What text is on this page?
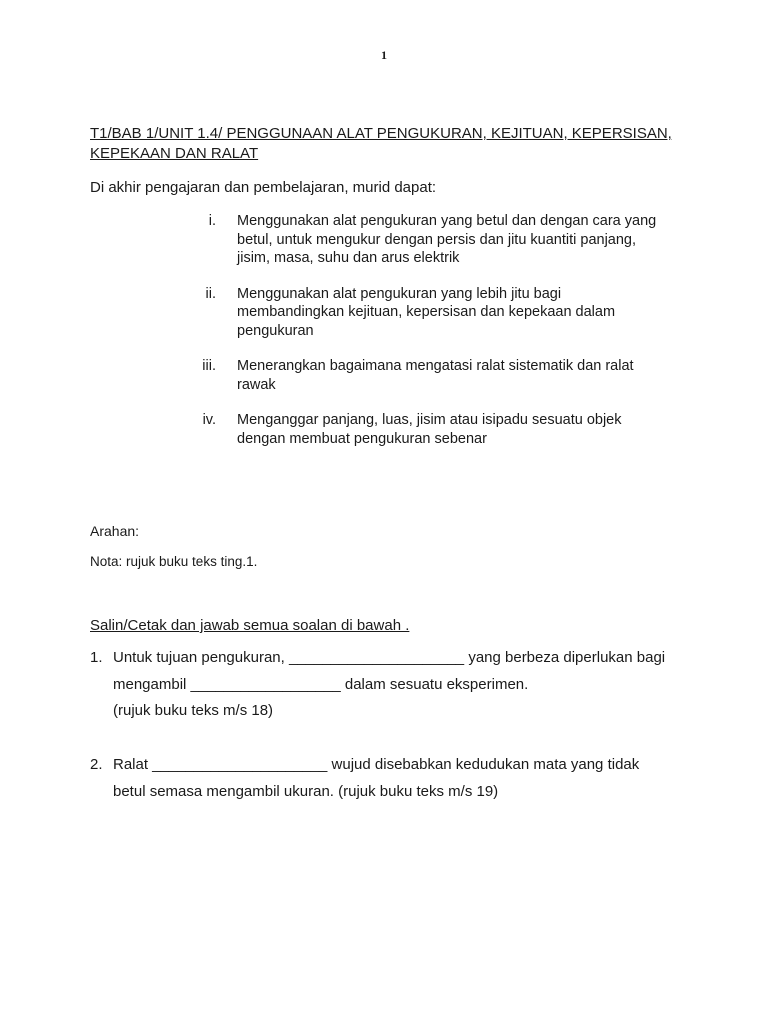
1
T1/BAB 1/UNIT 1.4/ PENGGUNAAN ALAT PENGUKURAN, KEJITUAN, KEPERSISAN, KEPEKAAN DAN RALAT
Di akhir pengajaran dan pembelajaran, murid dapat:
i. Menggunakan alat pengukuran yang betul dan dengan cara yang betul, untuk mengukur dengan persis dan jitu kuantiti panjang, jisim, masa, suhu dan arus elektrik
ii. Menggunakan alat pengukuran yang lebih jitu bagi membandingkan kejituan, kepersisan dan kepekaan dalam pengukuran
iii. Menerangkan bagaimana mengatasi ralat sistematik dan ralat rawak
iv. Menganggar panjang, luas, jisim atau isipadu sesuatu objek dengan membuat pengukuran sebenar
Arahan:
Nota: rujuk buku teks ting.1.
Salin/Cetak dan jawab semua soalan di bawah .
1. Untuk tujuan pengukuran, _____________________ yang berbeza diperlukan bagi
mengambil __________________ dalam sesuatu eksperimen.
(rujuk buku teks m/s 18)
2. Ralat _____________________ wujud disebabkan kedudukan mata yang tidak
betul semasa mengambil ukuran. (rujuk buku teks m/s 19)
